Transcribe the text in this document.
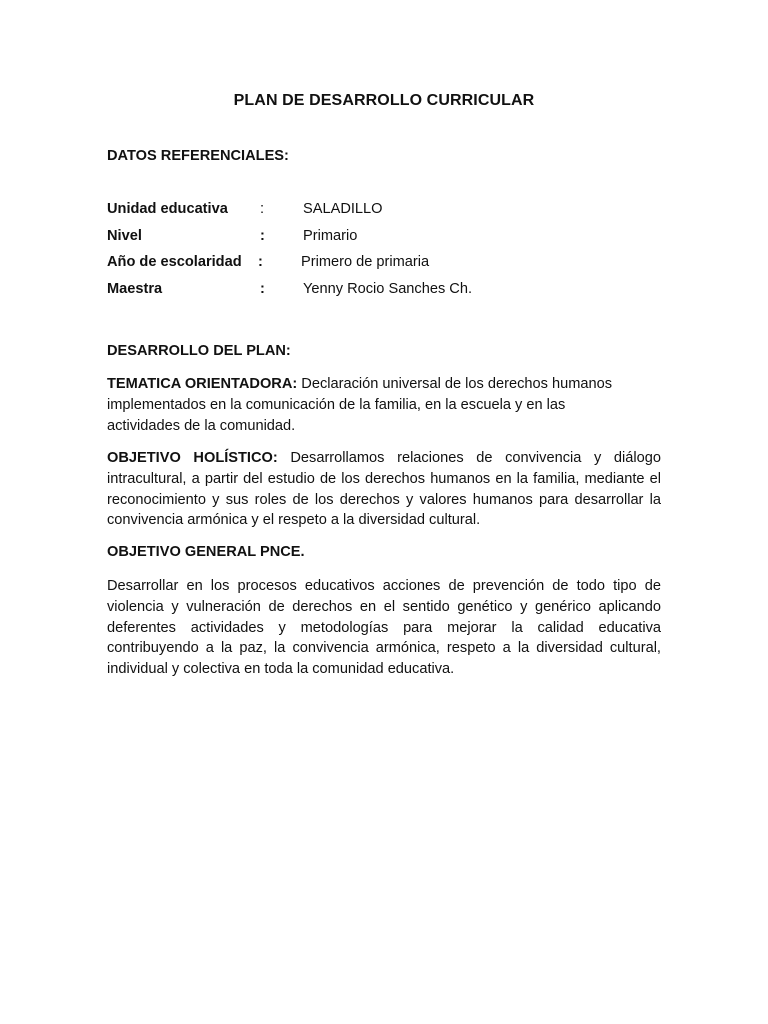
PLAN DE DESARROLLO CURRICULAR
DATOS REFERENCIALES:
Unidad educativa :	SALADILLO
Nivel	:	Primario
Año de escolaridad :	Primero de primaria
Maestra	:	Yenny Rocio Sanches Ch.
DESARROLLO DEL PLAN:
TEMATICA ORIENTADORA: Declaración universal de los derechos humanos implementados en la comunicación de la familia, en la escuela y en las actividades de la comunidad.
OBJETIVO HOLÍSTICO: Desarrollamos relaciones de convivencia y diálogo intracultural, a partir del estudio de los derechos humanos en la familia, mediante el reconocimiento y sus roles de los derechos y valores humanos para desarrollar la convivencia armónica y el respeto a la diversidad cultural.
OBJETIVO GENERAL PNCE.
Desarrollar en los procesos educativos acciones de prevención de todo tipo de violencia y vulneración de derechos en el sentido genético y genérico aplicando deferentes actividades y metodologías para mejorar la calidad educativa contribuyendo a la paz, la convivencia armónica, respeto a la diversidad cultural, individual y colectiva en toda la comunidad educativa.
